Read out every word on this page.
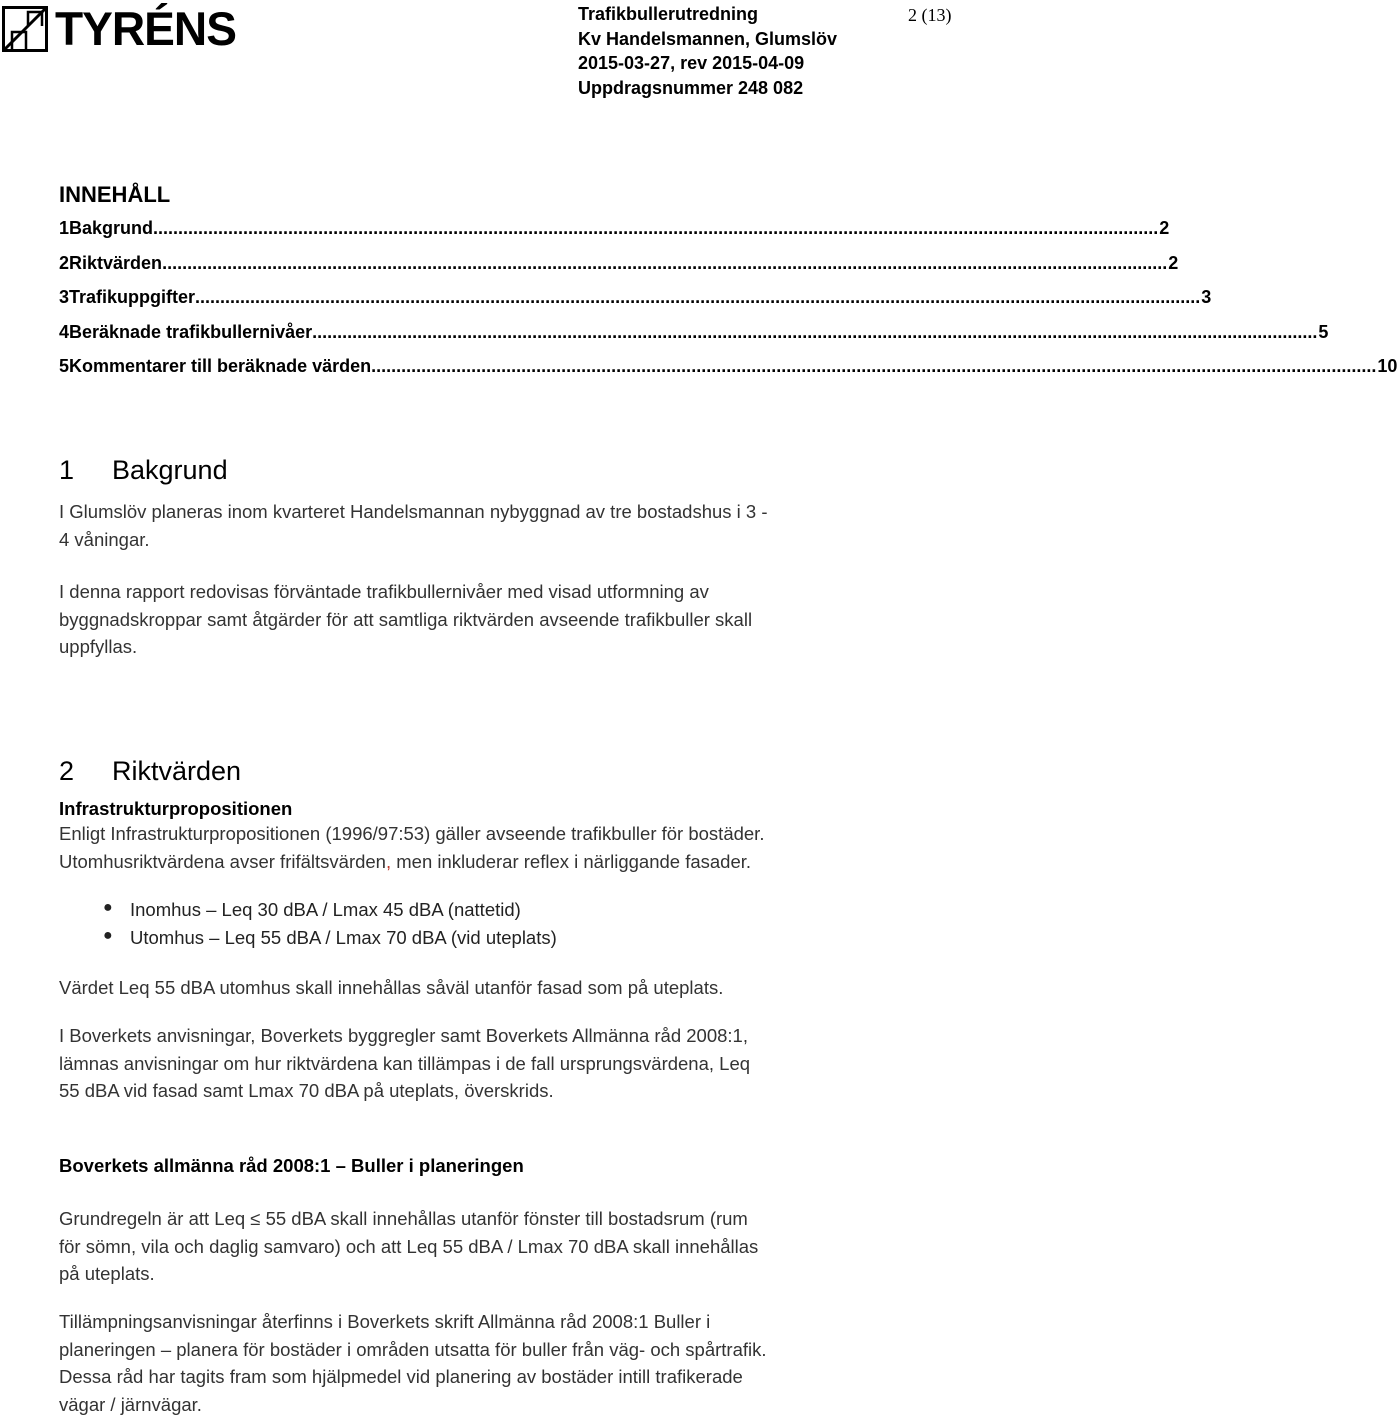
TYRÉNS	Trafikbullerutredning
Kv Handelsmannen, Glumslöv
2015-03-27, rev 2015-04-09
Uppdragsnummer 248 082
2 (13)
INNEHÅLL
1 Bakgrund ......................................................................................................................................................................................................... 2
2 Riktvärden ......................................................................................................................................................................................................... 2
3 Trafikuppgifter ......................................................................................................................................................................................................... 3
4 Beräknade trafikbullernivåer ......................................................................................................................................................................................................... 5
5 Kommentarer till beräknade värden ......................................................................................................................................................................................................... 10
1 Bakgrund
I Glumslöv planeras inom kvarteret Handelsmannan nybyggnad av tre bostadshus i 3 -
4 våningar.
I denna rapport redovisas förväntade trafikbullernivåer med visad utformning av
byggnadskroppar samt åtgärder för att samtliga riktvärden avseende trafikbuller skall
uppfyllas.
2 Riktvärden
Infrastrukturpropositionen
Enligt Infrastrukturpropositionen (1996/97:53) gäller avseende trafikbuller för bostäder.
Utomhusriktvärdena avser frifältsvärden, men inkluderar reflex i närliggande fasader.
● Inomhus – Leq 30 dBA / Lmax 45 dBA (nattetid)
● Utomhus – Leq 55 dBA / Lmax 70 dBA (vid uteplats)
Värdet Leq 55 dBA utomhus skall innehållas såväl utanför fasad som på uteplats.
I Boverkets anvisningar, Boverkets byggregler samt Boverkets Allmänna råd 2008:1,
lämnas anvisningar om hur riktvärdena kan tillämpas i de fall ursprungsvärdena, Leq
55 dBA vid fasad samt Lmax 70 dBA på uteplats, överskrids.
Boverkets allmänna råd 2008:1 – Buller i planeringen
Grundregeln är att Leq ≤ 55 dBA skall innehållas utanför fönster till bostadsrum (rum
för sömn, vila och daglig samvaro) och att Leq 55 dBA / Lmax 70 dBA skall innehållas
på uteplats.
Tillämpningsanvisningar återfinns i Boverkets skrift Allmänna råd 2008:1 Buller i
planeringen – planera för bostäder i områden utsatta för buller från väg- och spårtrafik.
Dessa råd har tagits fram som hjälpmedel vid planering av bostäder intill trafikerade
vägar / järnvägar.
